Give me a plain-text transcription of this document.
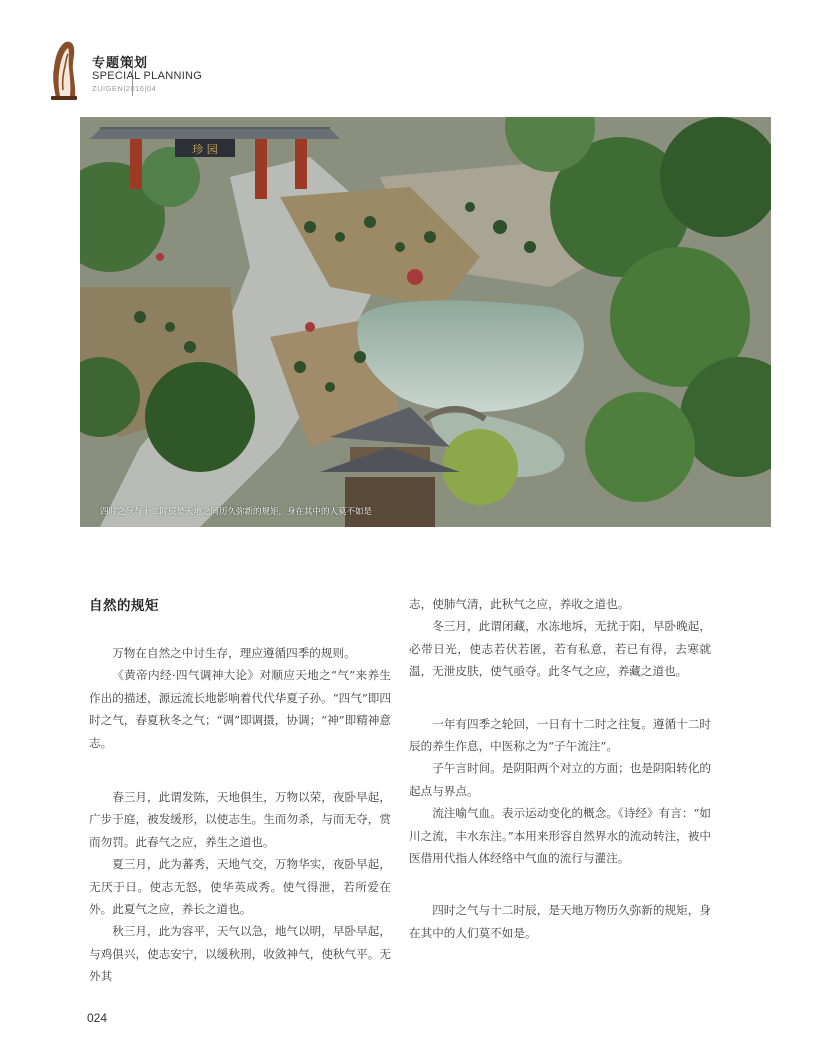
专题策划
SPECIAL PLANNING
ZUIGEN|2016|04
珍 园
四时之气与十二时辰是天地之间历久弥新的规矩，身在其中的人莫不如是
自然的规矩

万物在自然之中讨生存，理应遵循四季的规则。

《黄帝内经·四气调神大论》对顺应天地之“气”来养生作出的描述，源远流长地影响着代代华夏子孙。“四气”即四时之气，春夏秋冬之气；“调”即调摄，协调；“神”即精神意志。

春三月，此谓发陈，天地俱生，万物以荣，夜卧早起，广步于庭，被发缓形，以使志生。生而勿杀，与而无夺，赏而勿罚。此春气之应，养生之道也。

夏三月，此为蕃秀，天地气交，万物华实，夜卧早起，无厌于日。使志无怒，使华英成秀。使气得泄，若所爱在外。此夏气之应，养长之道也。

秋三月，此为容平，天气以急，地气以明，早卧早起，与鸡俱兴，使志安宁，以缓秋刑，收敛神气，使秋气平。无外其

志，使肺气清，此秋气之应，养收之道也。

冬三月，此谓闭藏，水冻地坼，无扰于阳，早卧晚起，必带日光，使志若伏若匿，若有私意，若已有得，去寒就温，无泄皮肤，使气亟夺。此冬气之应，养藏之道也。

一年有四季之轮回，一日有十二时之往复。遵循十二时辰的养生作息，中医称之为“子午流注”。

子午言时间。是阴阳两个对立的方面；也是阴阳转化的起点与界点。

流注喻气血。表示运动变化的概念。《诗经》有言：“如川之流，丰水东注。”本用来形容自然界水的流动转注，被中医借用代指人体经络中气血的流行与灌注。

四时之气与十二时辰，是天地万物历久弥新的规矩，身在其中的人们莫不如是。

024
